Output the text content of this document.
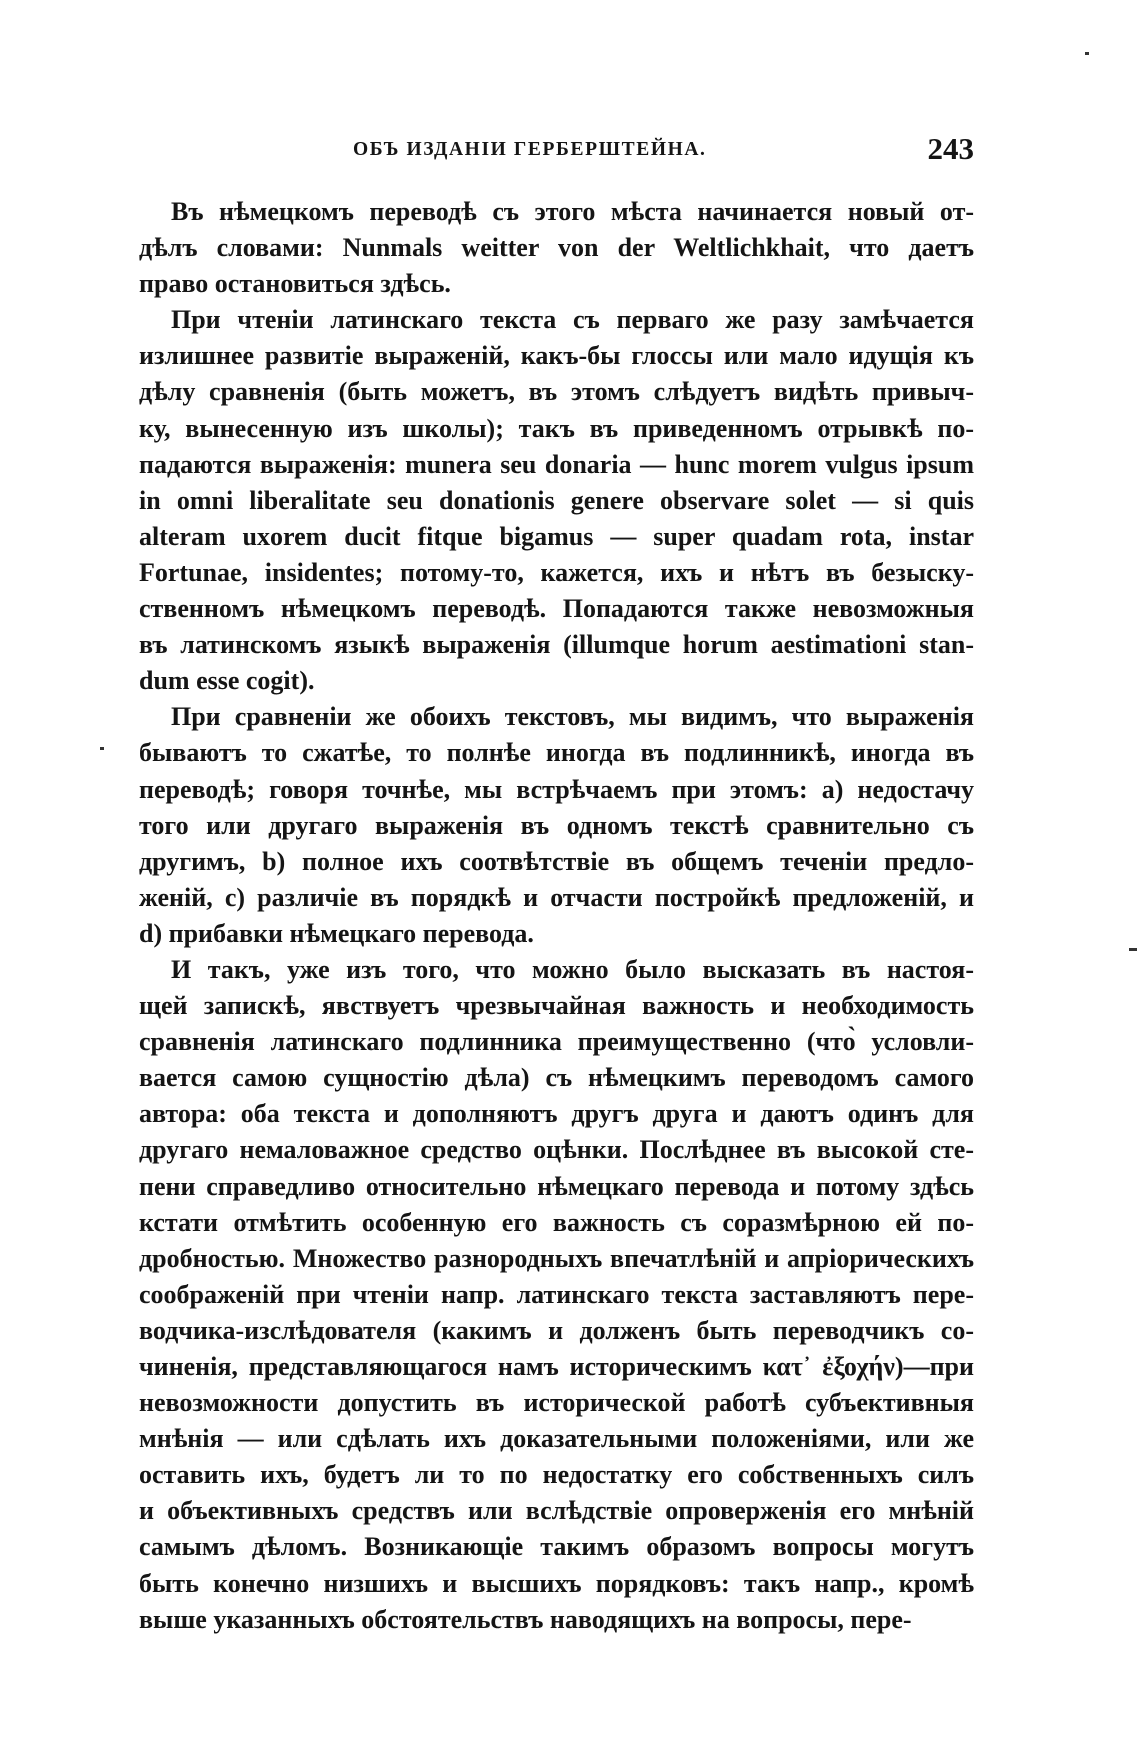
ОБЪ ИЗДАНІИ ГЕРБЕРШТЕЙНА.	243
Въ нѣмецкомъ переводѣ съ этого мѣста начинается новый от-
дѣлъ словами: Nunmals weitter von der Weltlichkhait, что даетъ
право остановиться здѣсь.
При чтеніи латинскаго текста съ перваго же разу замѣчается
излишнее развитіе выраженій, какъ-бы глоссы или мало идущія къ
дѣлу сравненія (быть можетъ, въ этомъ слѣдуетъ видѣть привыч-
ку, вынесенную изъ школы); такъ въ приведенномъ отрывкѣ по-
падаются выраженія: munera seu donaria — hunc morem vulgus ipsum
in omni liberalitate seu donationis genere observare solet — si quis
alteram uxorem ducit fitque bigamus — super quadam rota, instar
Fortunae, insidentes; потому-то, кажется, ихъ и нѣтъ въ безыску-
ственномъ нѣмецкомъ переводѣ. Попадаются также невозможныя
въ латинскомъ языкѣ выраженія (illumque horum aestimationi stan-
dum esse cogit).
При сравненіи же обоихъ текстовъ, мы видимъ, что выраженія
бываютъ то сжатѣе, то полнѣе иногда въ подлинникѣ, иногда въ
переводѣ; говоря точнѣе, мы встрѣчаемъ при этомъ: a) недостачу
того или другаго выраженія въ одномъ текстѣ сравнительно съ
другимъ, b) полное ихъ соотвѣтствіе въ общемъ теченіи предло-
женій, c) различіе въ порядкѣ и отчасти постройкѣ предложеній, и
d) прибавки нѣмецкаго перевода.
И такъ, уже изъ того, что можно было высказать въ настоя-
щей запискѣ, явствуетъ чрезвычайная важность и необходимость
сравненія латинскаго подлинника преимущественно (что̀ условли-
вается самою сущностію дѣла) съ нѣмецкимъ переводомъ самого
автора: оба текста и дополняютъ другъ друга и даютъ одинъ для
другаго немаловажное средство оцѣнки. Послѣднее въ высокой сте-
пени справедливо относительно нѣмецкаго перевода и потому здѣсь
кстати отмѣтить особенную его важность съ соразмѣрною ей по-
дробностью. Множество разнородныхъ впечатлѣній и апріорическихъ
соображеній при чтеніи напр. латинскаго текста заставляютъ пере-
водчика-изслѣдователя (какимъ и долженъ быть переводчикъ со-
чиненія, представляющагося намъ историческимъ κατ᾽ ἐξοχήν)—при
невозможности допустить въ исторической работѣ субъективныя
мнѣнія — или сдѣлать ихъ доказательными положеніями, или же
оставить ихъ, будетъ ли то по недостатку его собственныхъ силъ
и объективныхъ средствъ или вслѣдствіе опроверженія его мнѣній
самымъ дѣломъ. Возникающіе такимъ образомъ вопросы могутъ
быть конечно низшихъ и высшихъ порядковъ: такъ напр., кромѣ
выше указанныхъ обстоятельствъ наводящихъ на вопросы, пере-
